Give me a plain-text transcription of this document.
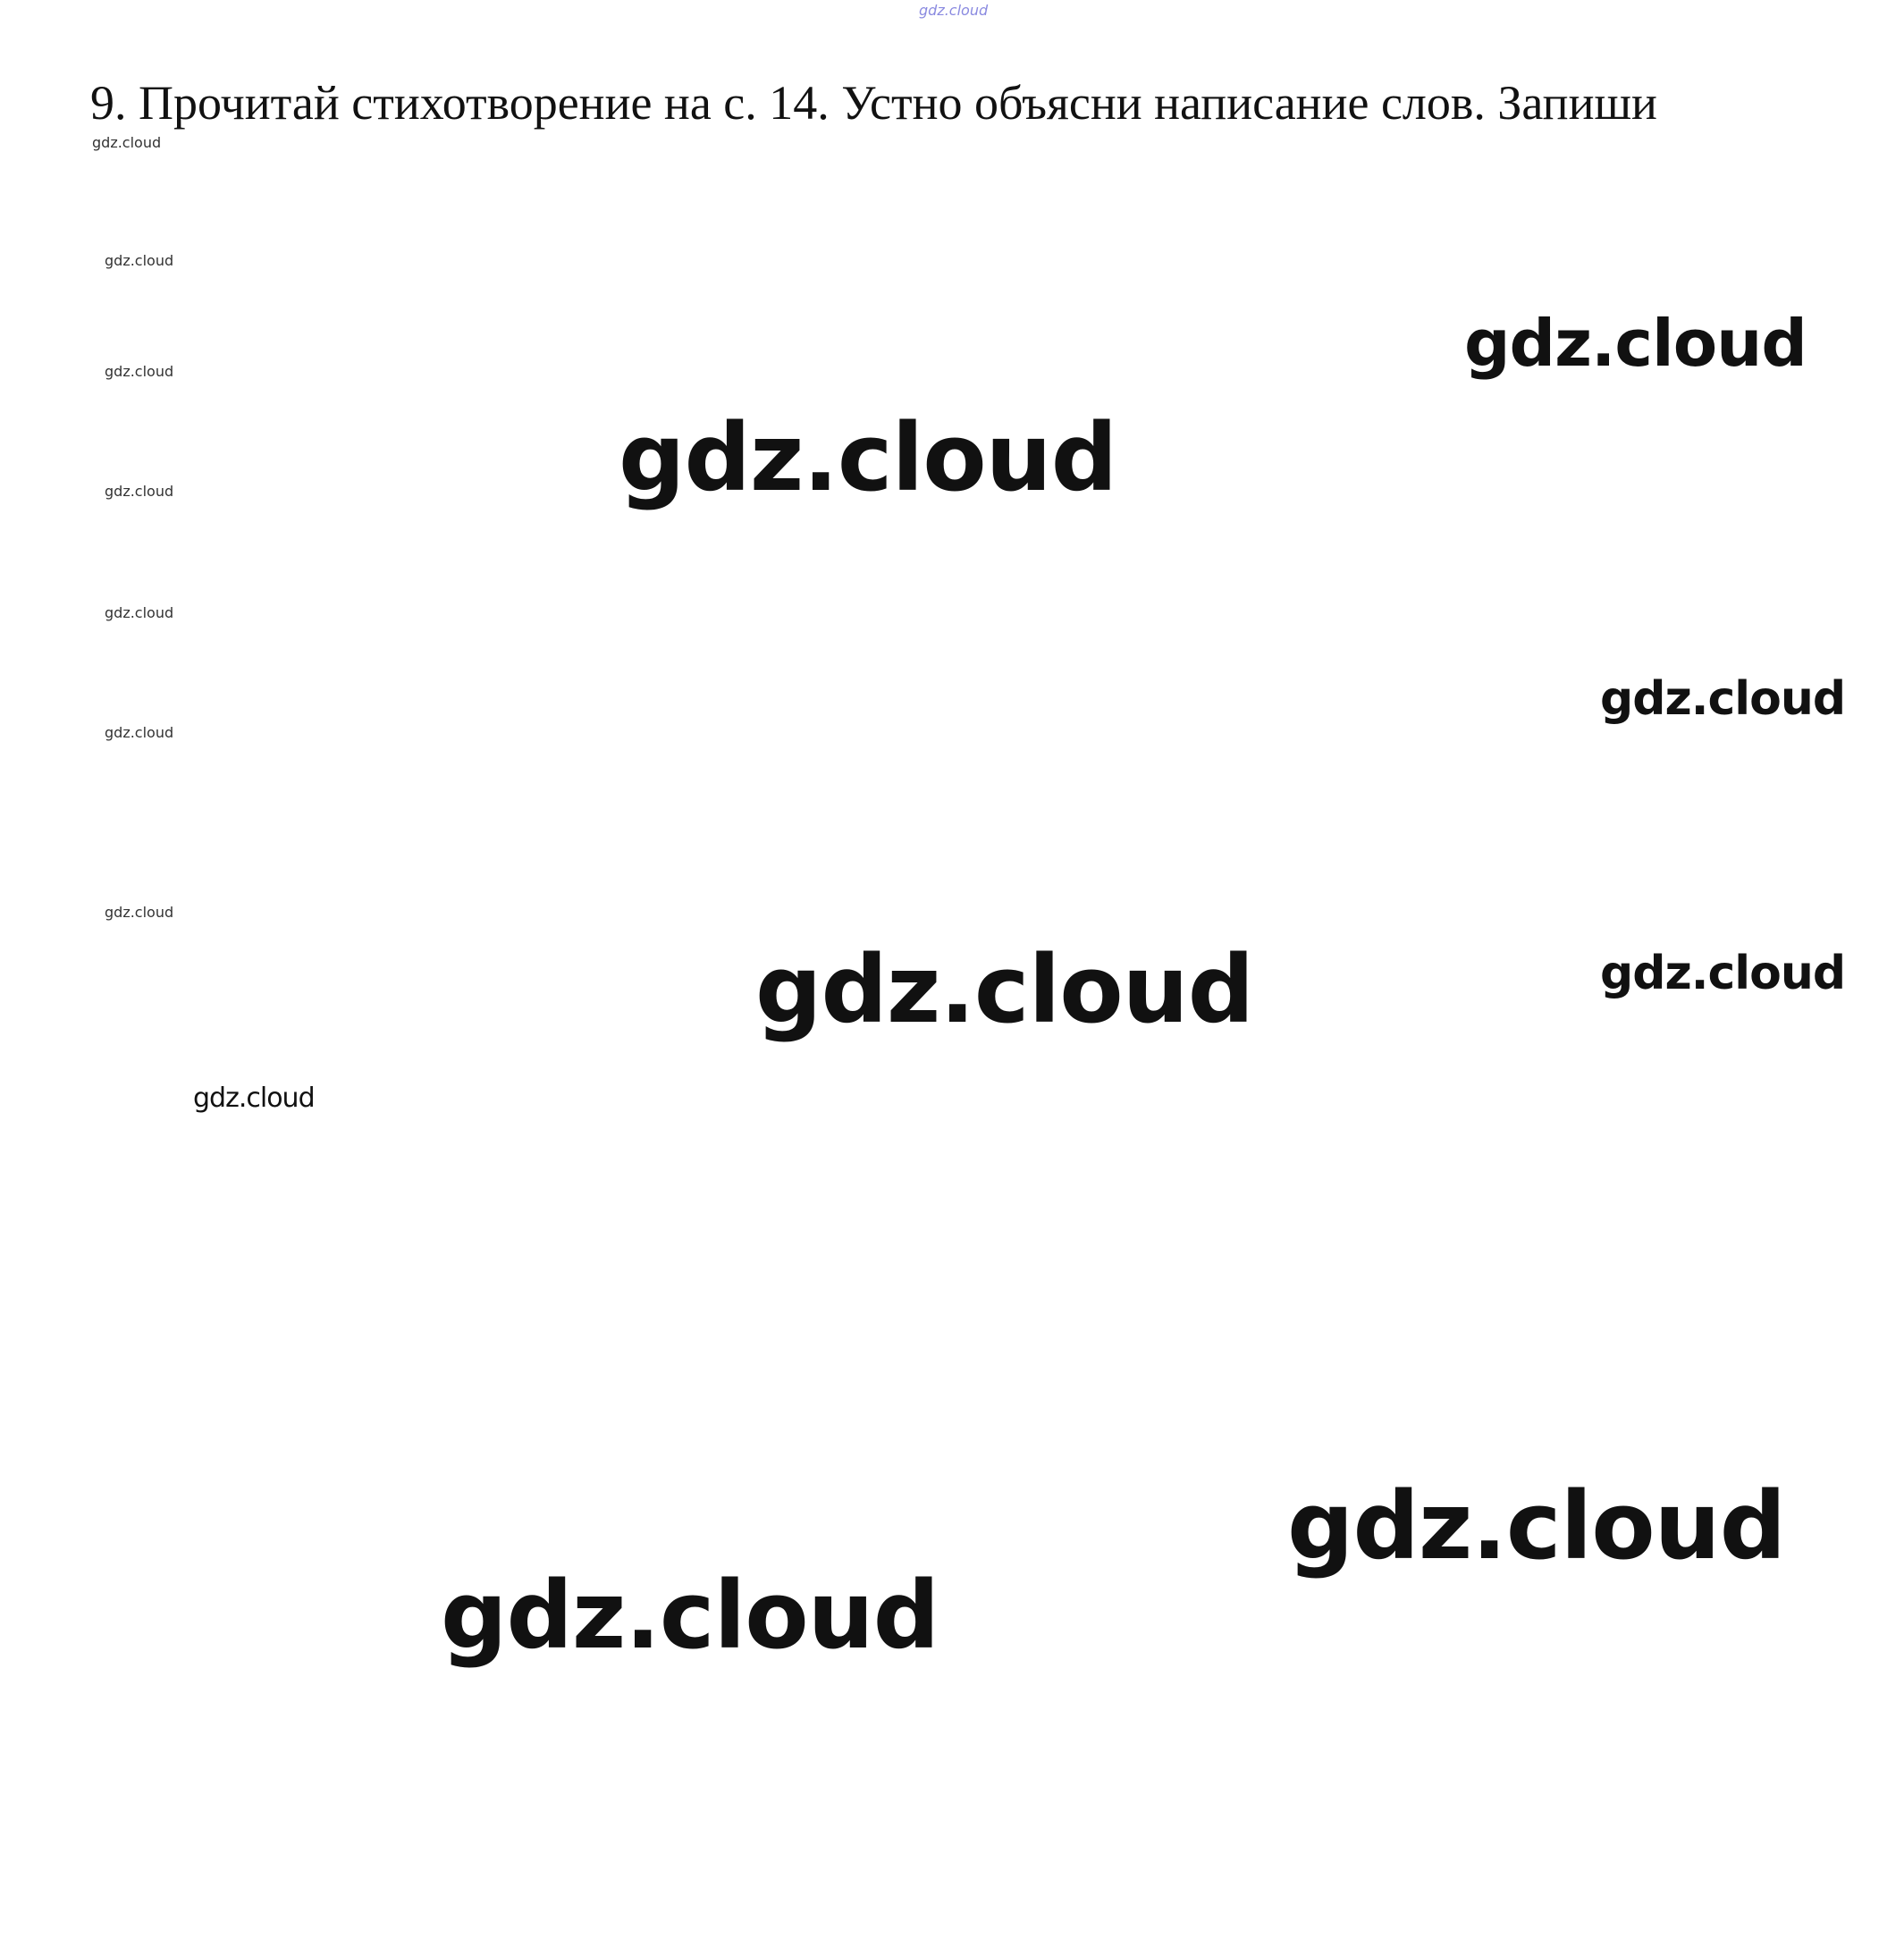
gdz.cloud
9. Прочитай стихотворение на с. 14. Устно объясни написание слов. Запиши
gdz.cloud
gdz.cloud
gdz.cloud
gdz.cloud	gdz.cloud
gdz.cloud
gdz.cloud
gdz.cloud
gdz.cloud
gdz.cloud
gdz.cloud
gdz.cloud
gdz.cloud
gdz.cloud
gdz.cloud
